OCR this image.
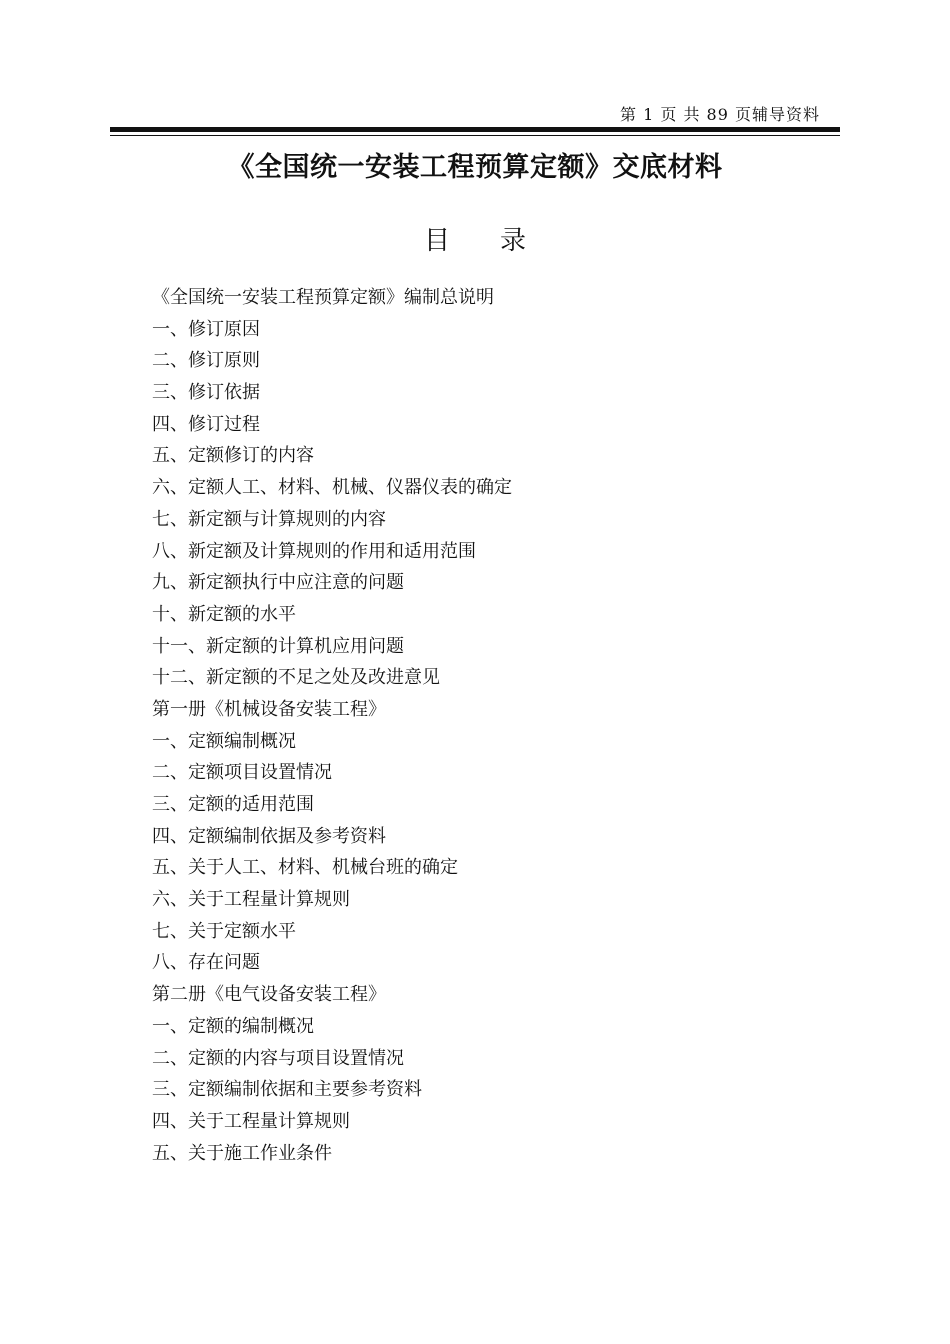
第 1 页 共 89 页辅导资料
《全国统一安装工程预算定额》交底材料
目 录
《全国统一安装工程预算定额》编制总说明
一、修订原因
二、修订原则
三、修订依据
四、修订过程
五、定额修订的内容
六、定额人工、材料、机械、仪器仪表的确定
七、新定额与计算规则的内容
八、新定额及计算规则的作用和适用范围
九、新定额执行中应注意的问题
十、新定额的水平
十一、新定额的计算机应用问题
十二、新定额的不足之处及改进意见
第一册《机械设备安装工程》
一、定额编制概况
二、定额项目设置情况
三、定额的适用范围
四、定额编制依据及参考资料
五、关于人工、材料、机械台班的确定
六、关于工程量计算规则
七、关于定额水平
八、存在问题
第二册《电气设备安装工程》
一、定额的编制概况
二、定额的内容与项目设置情况
三、定额编制依据和主要参考资料
四、关于工程量计算规则
五、关于施工作业条件
